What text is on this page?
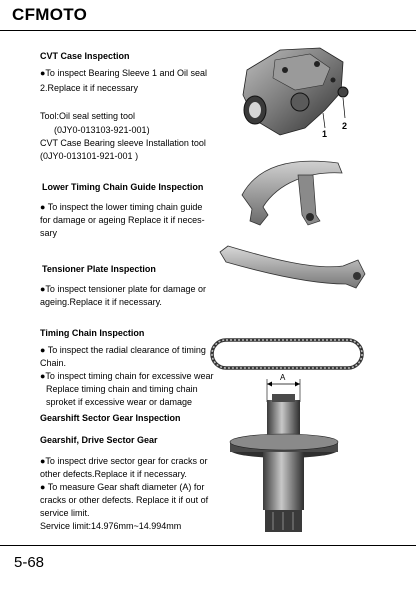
CFMOTO
CVT Case Inspection
●To inspect Bearing Sleeve 1 and Oil seal
2.Replace it if necessary
Tool:Oil seal setting tool
(0JY0-013103-921-001)
CVT Case Bearing sleeve Installation tool
(0JY0-013101-921-001 )
Lower Timing Chain Guide Inspection
● To inspect the lower timing chain guide
for damage or ageing Replace it if neces-
sary
Tensioner Plate Inspection
●To inspect tensioner plate for damage or
ageing.Replace it if necessary.
Timing Chain Inspection
● To inspect the radial clearance of timing
Chain.
●To inspect timing chain for excessive wear
Replace timing chain and timing chain
sproket if excessive wear or damage
Gearshift Sector Gear Inspection
Gearshif, Drive Sector Gear
●To inspect drive sector gear for cracks or
other defects.Replace it if necessary.
● To measure Gear shaft diameter (A) for
cracks or other defects. Replace it if out of
service limit.
Service limit:14.976mm~14.994mm
1
2
A
5-68
